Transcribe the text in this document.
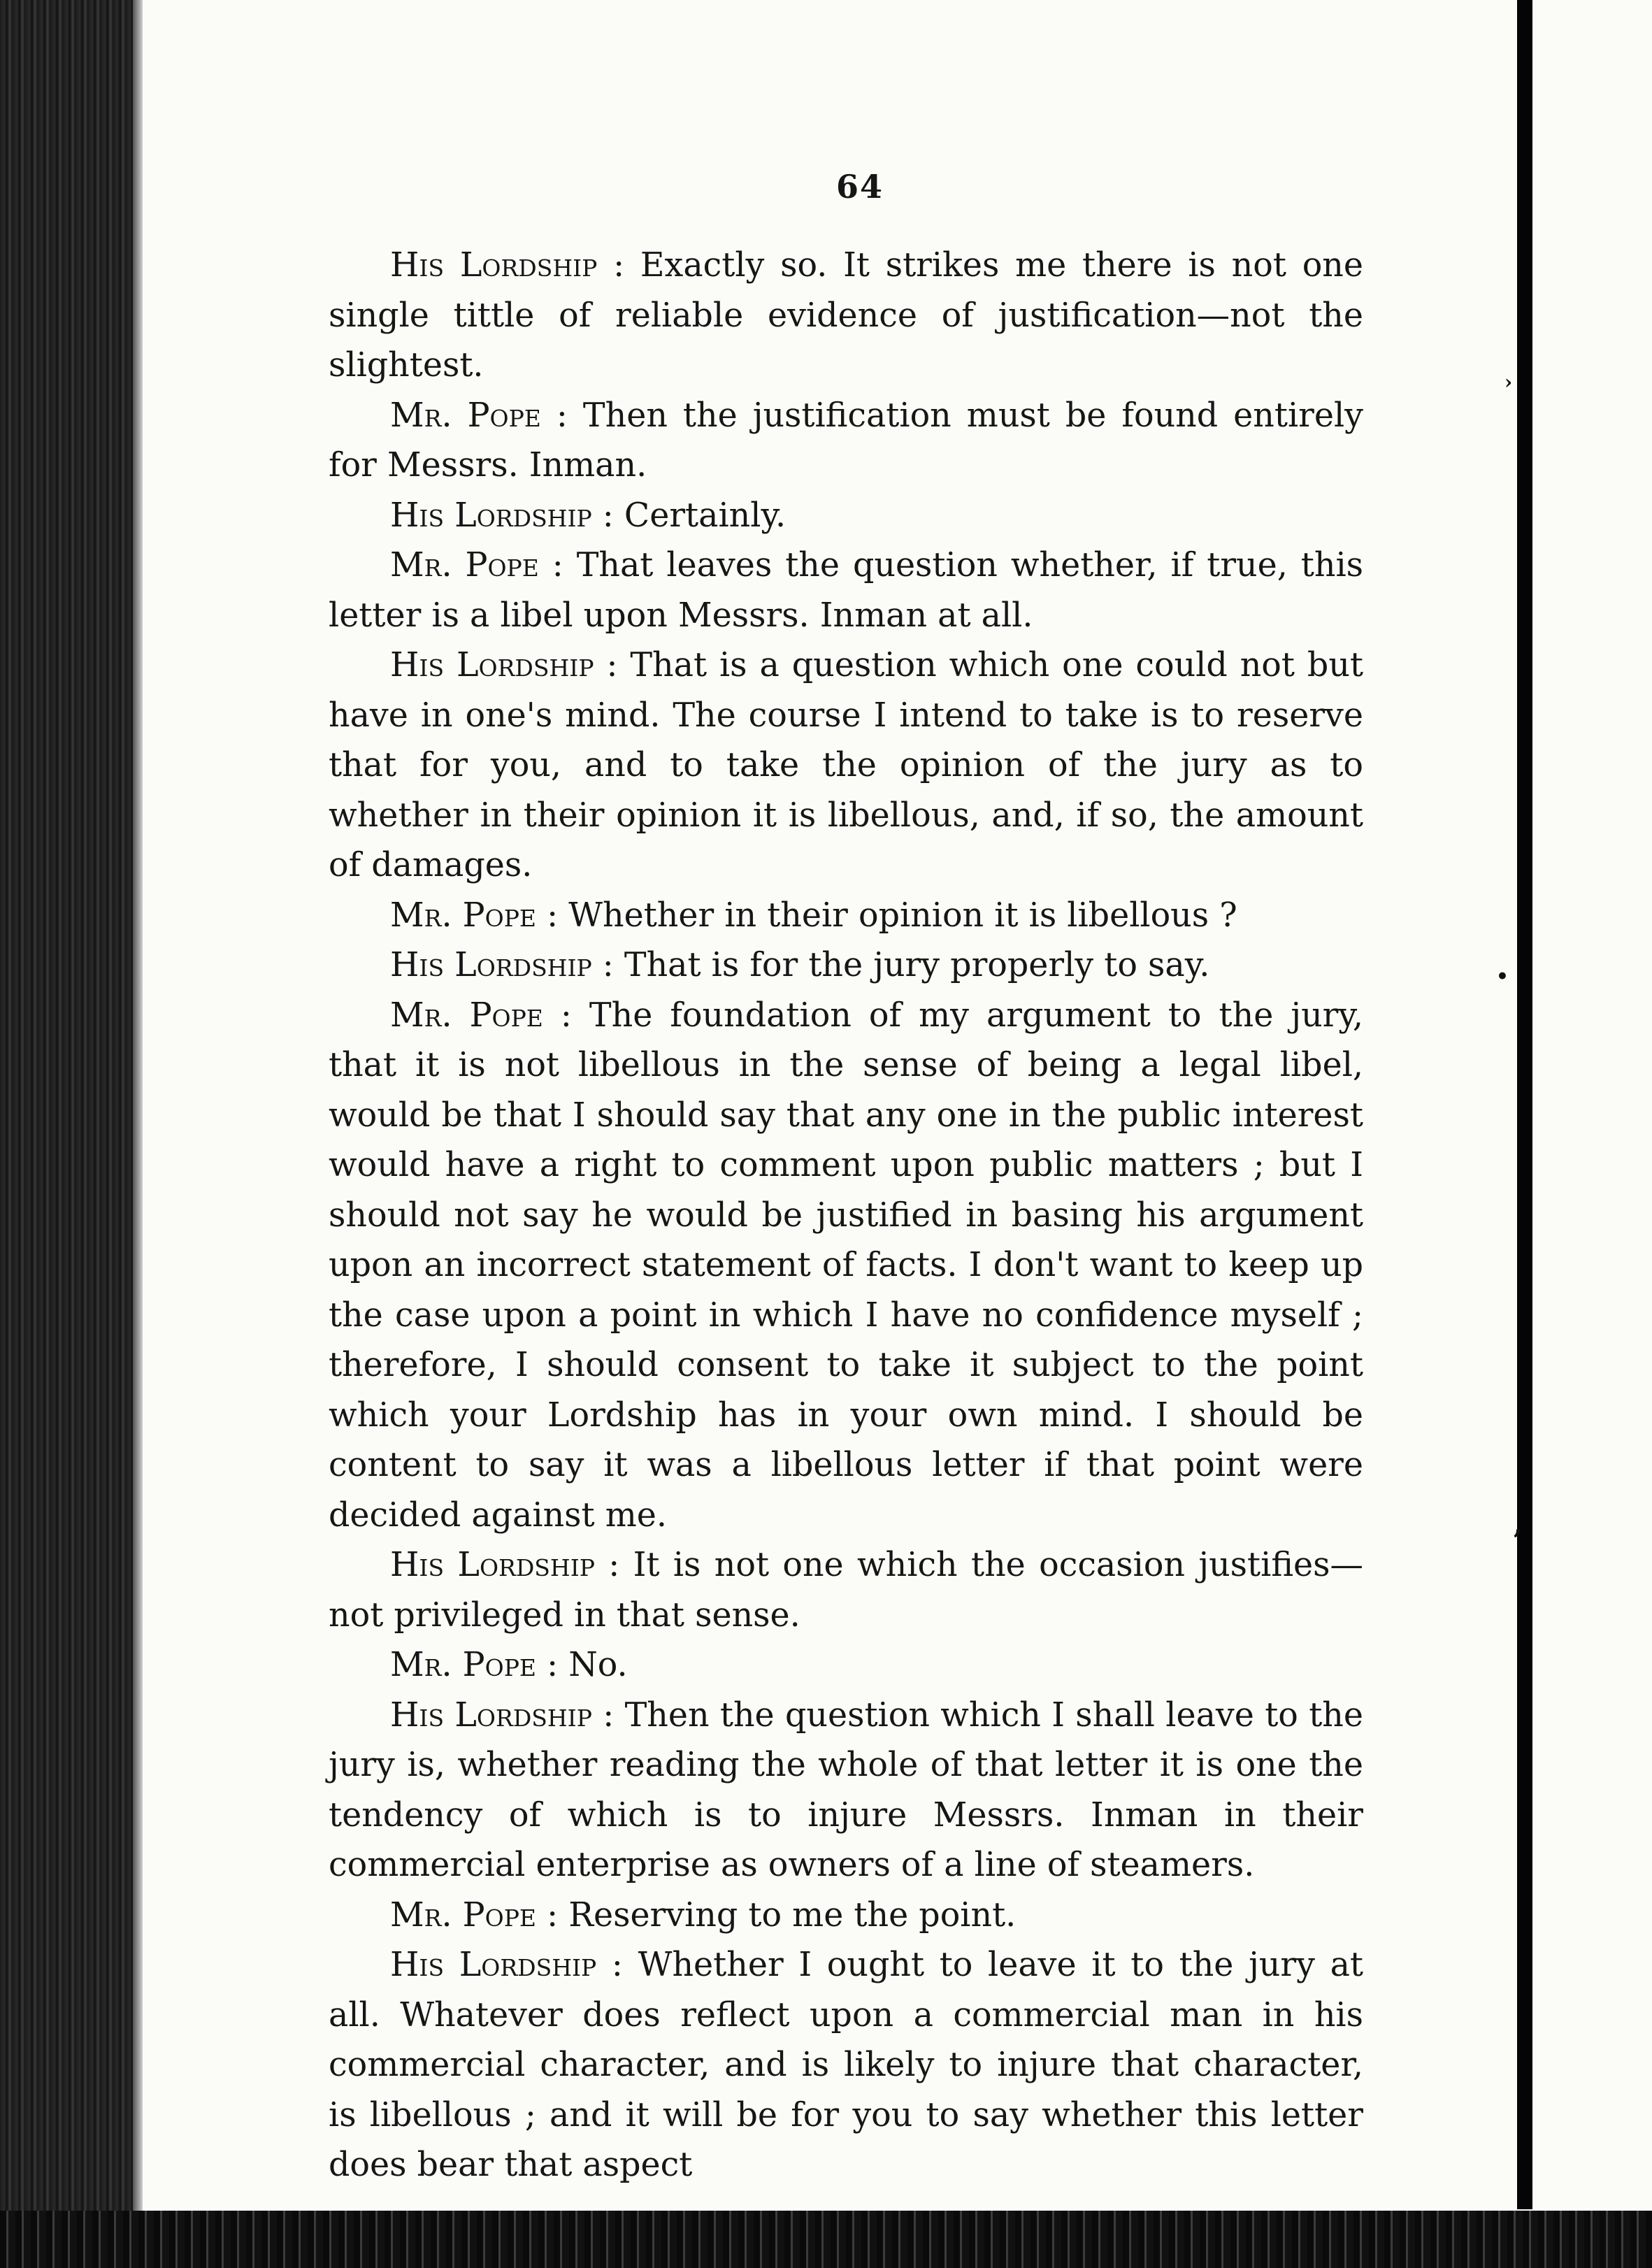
›
•
,
64

His Lordship : Exactly so. It strikes me there is not one single tittle of reliable evidence of justification—not the slightest.

Mr. Pope : Then the justification must be found entirely for Messrs. Inman.

His Lordship : Certainly.

Mr. Pope : That leaves the question whether, if true, this letter is a libel upon Messrs. Inman at all.

His Lordship : That is a question which one could not but have in one's mind. The course I intend to take is to reserve that for you, and to take the opinion of the jury as to whether in their opinion it is libellous, and, if so, the amount of damages.

Mr. Pope : Whether in their opinion it is libellous ?

His Lordship : That is for the jury properly to say.

Mr. Pope : The foundation of my argument to the jury, that it is not libellous in the sense of being a legal libel, would be that I should say that any one in the public interest would have a right to comment upon public matters ; but I should not say he would be justified in basing his argument upon an incorrect statement of facts. I don't want to keep up the case upon a point in which I have no confidence myself ; therefore, I should consent to take it subject to the point which your Lordship has in your own mind. I should be content to say it was a libellous letter if that point were decided against me.

His Lordship : It is not one which the occasion justifies—not privileged in that sense.

Mr. Pope : No.

His Lordship : Then the question which I shall leave to the jury is, whether reading the whole of that letter it is one the tendency of which is to injure Messrs. Inman in their commercial enterprise as owners of a line of steamers.

Mr. Pope : Reserving to me the point.

His Lordship : Whether I ought to leave it to the jury at all. Whatever does reflect upon a commercial man in his commercial character, and is likely to injure that character, is libellous ; and it will be for you to say whether this letter does bear that aspect
